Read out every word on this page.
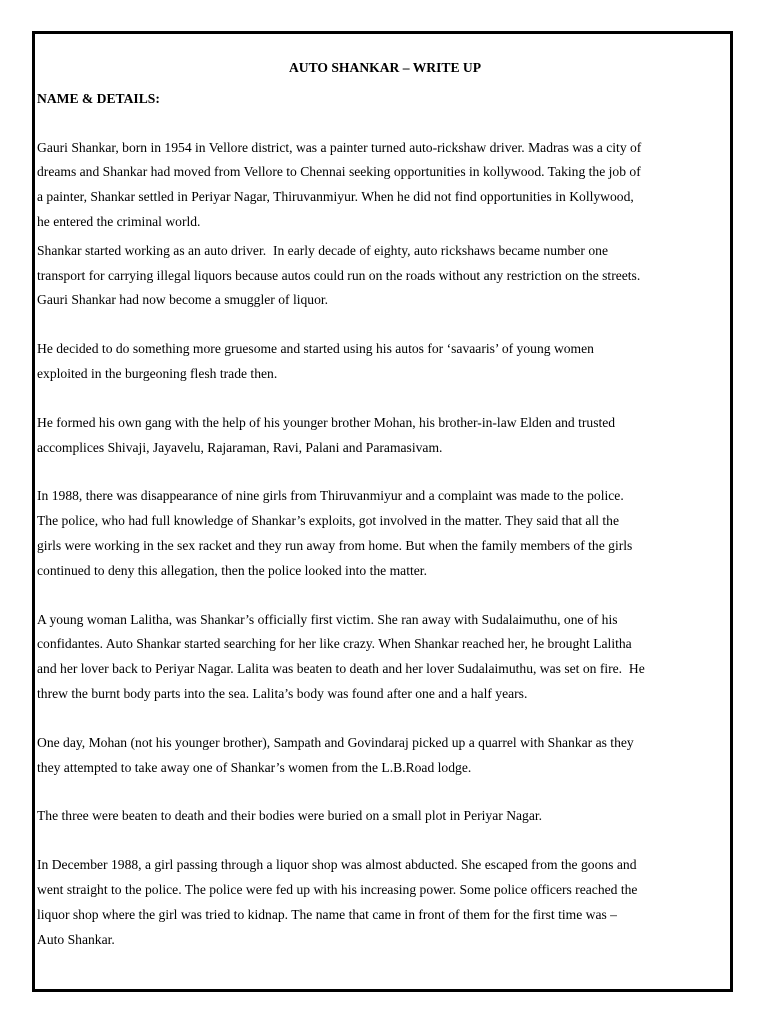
AUTO SHANKAR – WRITE UP
NAME & DETAILS:

Gauri Shankar, born in 1954 in Vellore district, was a painter turned auto-rickshaw driver. Madras was a city of
dreams and Shankar had moved from Vellore to Chennai seeking opportunities in kollywood. Taking the job of
a painter, Shankar settled in Periyar Nagar, Thiruvanmiyur. When he did not find opportunities in Kollywood,
he entered the criminal world.

Shankar started working as an auto driver.  In early decade of eighty, auto rickshaws became number one
transport for carrying illegal liquors because autos could run on the roads without any restriction on the streets.
Gauri Shankar had now become a smuggler of liquor.

He decided to do something more gruesome and started using his autos for ‘savaaris’ of young women
exploited in the burgeoning flesh trade then.

He formed his own gang with the help of his younger brother Mohan, his brother-in-law Elden and trusted
accomplices Shivaji, Jayavelu, Rajaraman, Ravi, Palani and Paramasivam.

In 1988, there was disappearance of nine girls from Thiruvanmiyur and a complaint was made to the police.
The police, who had full knowledge of Shankar’s exploits, got involved in the matter. They said that all the
girls were working in the sex racket and they run away from home. But when the family members of the girls
continued to deny this allegation, then the police looked into the matter.

A young woman Lalitha, was Shankar’s officially first victim. She ran away with Sudalaimuthu, one of his
confidantes. Auto Shankar started searching for her like crazy. When Shankar reached her, he brought Lalitha
and her lover back to Periyar Nagar. Lalita was beaten to death and her lover Sudalaimuthu, was set on fire.  He
threw the burnt body parts into the sea. Lalita’s body was found after one and a half years.

One day, Mohan (not his younger brother), Sampath and Govindaraj picked up a quarrel with Shankar as they
they attempted to take away one of Shankar’s women from the L.B.Road lodge.

The three were beaten to death and their bodies were buried on a small plot in Periyar Nagar.

In December 1988, a girl passing through a liquor shop was almost abducted. She escaped from the goons and
went straight to the police. The police were fed up with his increasing power. Some police officers reached the
liquor shop where the girl was tried to kidnap. The name that came in front of them for the first time was –
Auto Shankar.
